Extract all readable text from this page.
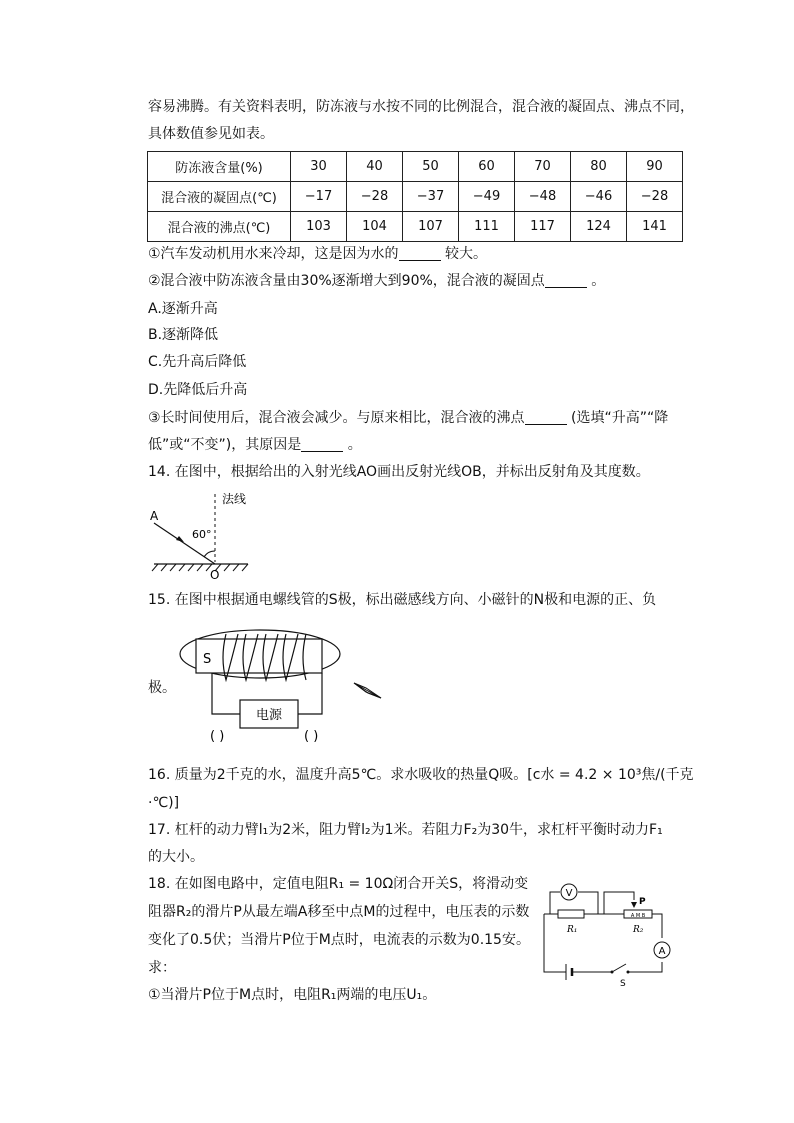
容易沸腾。有关资料表明，防冻液与水按不同的比例混合，混合液的凝固点、沸点不同，
具体数值参见如表。
防冻液含量(%)	30	40	50	60	70	80	90
混合液的凝固点(℃)	−17	−28	−37	−49	−48	−46	−28
混合液的沸点(℃)	103	104	107	111	117	124	141
①汽车发动机用水来冷却，这是因为水的	较大。
②混合液中防冻液含量由30%逐渐增大到90%，混合液的凝固点	。
A.逐渐升高
B.逐渐降低
C.先升高后降低
D.先降低后升高
③长时间使用后，混合液会减少。与原来相比，混合液的沸点	(选填“升高”“降
低”或“不变”)，其原因是	。
14. 在图中，根据给出的入射光线AO画出反射光线OB，并标出反射角及其度数。
法线
A
60°
O
15. 在图中根据通电螺线管的S极，标出磁感线方向、小磁针的N极和电源的正、负
极。
S
电源
( )	( )
16. 质量为2千克的水，温度升高5℃。求水吸收的热量Q吸。[c水 = 4.2 × 10³焦/(千克
·℃)]
17. 杠杆的动力臂l₁为2米，阻力臂l₂为1米。若阻力F₂为30牛，求杠杆平衡时动力F₁
的大小。
18. 在如图电路中，定值电阻R₁ = 10Ω闭合开关S，将滑动变
阻器R₂的滑片P从最左端A移至中点M的过程中，电压表的示数
变化了0.5伏；当滑片P位于M点时，电流表的示数为0.15安。
求：
①当滑片P位于M点时，电阻R₁两端的电压U₁。
V
R₁
A M B
P
R₂
A
S
